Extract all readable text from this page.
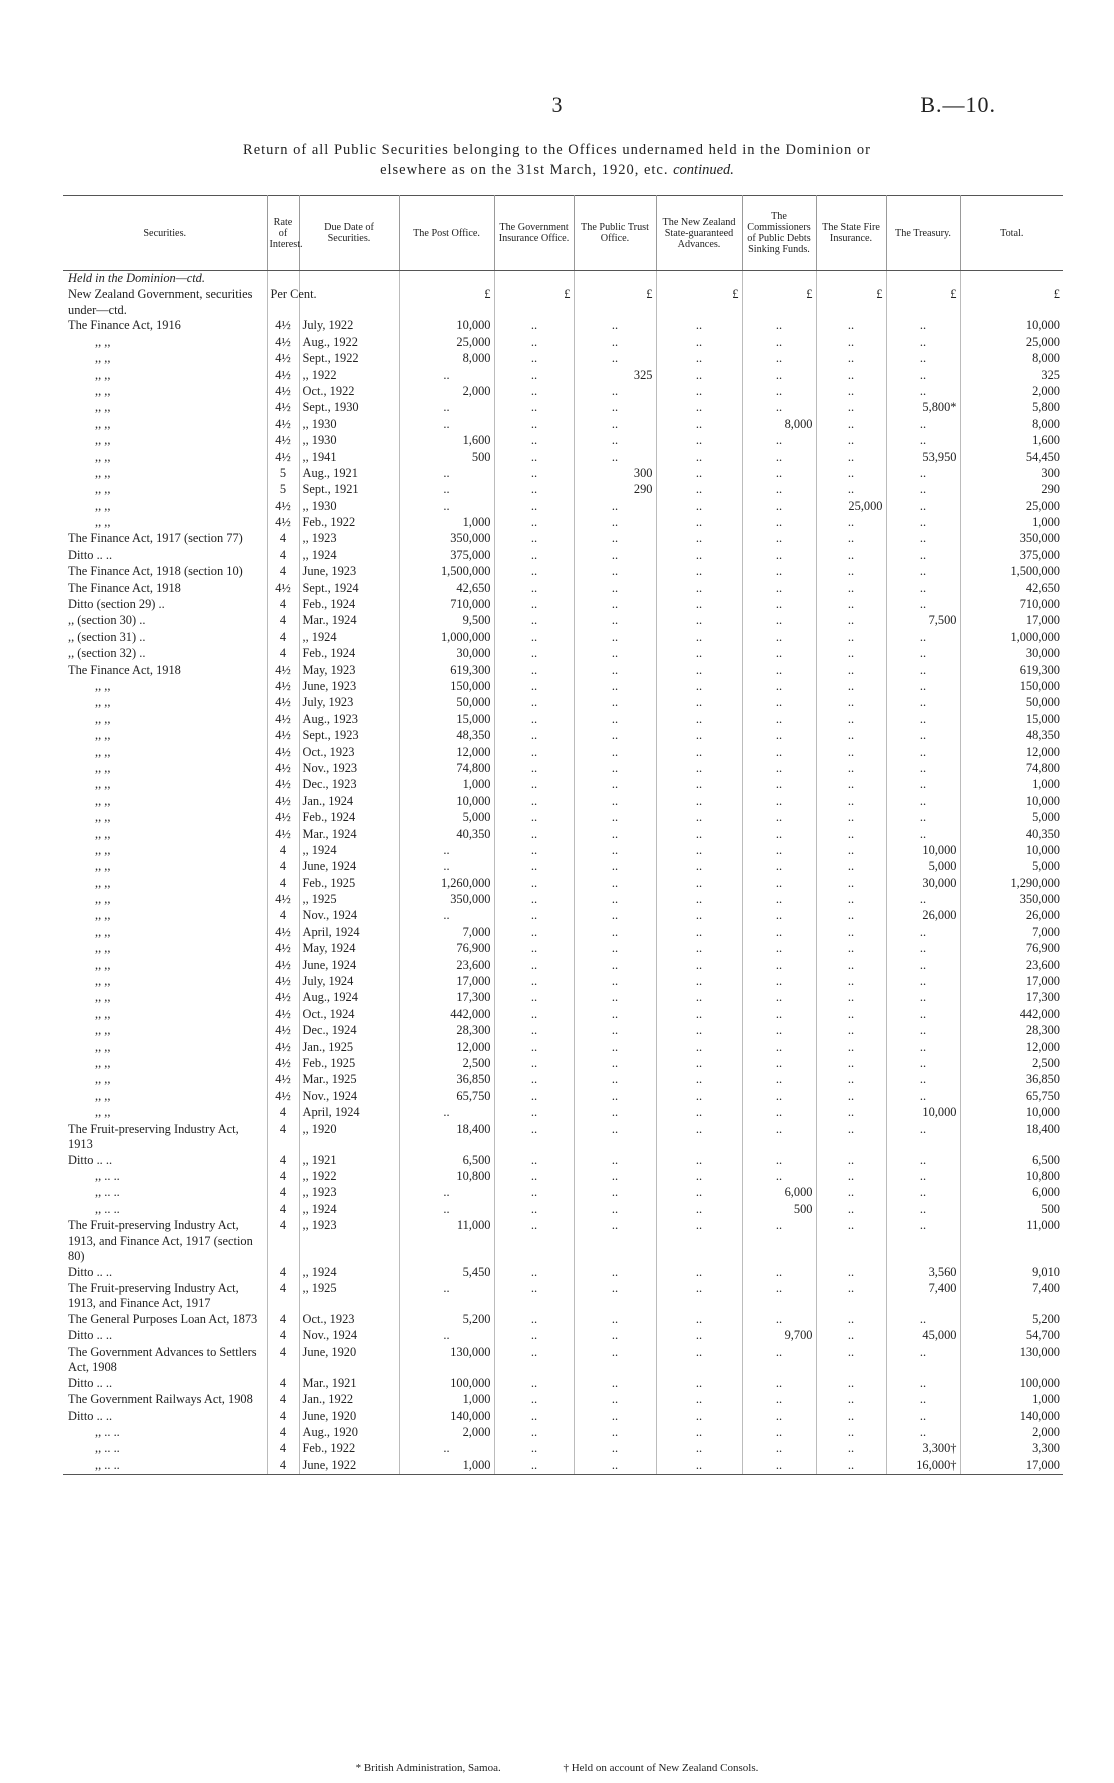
3	B.—10.
Return of all Public Securities belonging to the Offices undernamed held in the Dominion or
elsewhere as on the 31st March, 1920, etc. continued.
Securities.	Rate of Interest.	Due Date of Securities.	The Post Office.	The Government Insurance Office.	The Public Trust Office.	The New Zealand State-guaranteed Advances.	The Commissioners of Public Debts Sinking Funds.	The State Fire Insurance.	The Treasury.	Total.
Held in the Dominion—ctd.										
New Zealand Government, securities under—ctd.	Per Cent.		£	£	£	£	£	£	£	£
The Finance Act, 1916	4½	July, 1922	10,000	..	..	..	..	..	..	10,000
,, ,,	4½	Aug., 1922	25,000	..	..	..	..	..	..	25,000
,, ,,	4½	Sept., 1922	8,000	..	..	..	..	..	..	8,000
,, ,,	4½	,, 1922	..	..	325	..	..	..	..	325
,, ,,	4½	Oct., 1922	2,000	..	..	..	..	..	..	2,000
,, ,,	4½	Sept., 1930	..	..	..	..	..	..	5,800*	5,800
,, ,,	4½	,, 1930	..	..	..	..	8,000	..	..	8,000
,, ,,	4½	,, 1930	1,600	..	..	..	..	..	..	1,600
,, ,,	4½	,, 1941	500	..	..	..	..	..	53,950	54,450
,, ,,	5	Aug., 1921	..	..	300	..	..	..	..	300
,, ,,	5	Sept., 1921	..	..	290	..	..	..	..	290
,, ,,	4½	,, 1930	..	..	..	..	..	25,000	..	25,000
,, ,,	4½	Feb., 1922	1,000	..	..	..	..	..	..	1,000
The Finance Act, 1917 (section 77)	4	,, 1923	350,000	..	..	..	..	..	..	350,000
Ditto .. ..	4	,, 1924	375,000	..	..	..	..	..	..	375,000
The Finance Act, 1918 (section 10)	4	June, 1923	1,500,000	..	..	..	..	..	..	1,500,000
The Finance Act, 1918	4½	Sept., 1924	42,650	..	..	..	..	..	..	42,650
Ditto (section 29) ..	4	Feb., 1924	710,000	..	..	..	..	..	..	710,000
,, (section 30) ..	4	Mar., 1924	9,500	..	..	..	..	..	7,500	17,000
,, (section 31) ..	4	,, 1924	1,000,000	..	..	..	..	..	..	1,000,000
,, (section 32) ..	4	Feb., 1924	30,000	..	..	..	..	..	..	30,000
The Finance Act, 1918	4½	May, 1923	619,300	..	..	..	..	..	..	619,300
,, ,,	4½	June, 1923	150,000	..	..	..	..	..	..	150,000
,, ,,	4½	July, 1923	50,000	..	..	..	..	..	..	50,000
,, ,,	4½	Aug., 1923	15,000	..	..	..	..	..	..	15,000
,, ,,	4½	Sept., 1923	48,350	..	..	..	..	..	..	48,350
,, ,,	4½	Oct., 1923	12,000	..	..	..	..	..	..	12,000
,, ,,	4½	Nov., 1923	74,800	..	..	..	..	..	..	74,800
,, ,,	4½	Dec., 1923	1,000	..	..	..	..	..	..	1,000
,, ,,	4½	Jan., 1924	10,000	..	..	..	..	..	..	10,000
,, ,,	4½	Feb., 1924	5,000	..	..	..	..	..	..	5,000
,, ,,	4½	Mar., 1924	40,350	..	..	..	..	..	..	40,350
,, ,,	4	,, 1924	..	..	..	..	..	..	10,000	10,000
,, ,,	4	June, 1924	..	..	..	..	..	..	5,000	5,000
,, ,,	4	Feb., 1925	1,260,000	..	..	..	..	..	30,000	1,290,000
,, ,,	4½	,, 1925	350,000	..	..	..	..	..	..	350,000
,, ,,	4	Nov., 1924	..	..	..	..	..	..	26,000	26,000
,, ,,	4½	April, 1924	7,000	..	..	..	..	..	..	7,000
,, ,,	4½	May, 1924	76,900	..	..	..	..	..	..	76,900
,, ,,	4½	June, 1924	23,600	..	..	..	..	..	..	23,600
,, ,,	4½	July, 1924	17,000	..	..	..	..	..	..	17,000
,, ,,	4½	Aug., 1924	17,300	..	..	..	..	..	..	17,300
,, ,,	4½	Oct., 1924	442,000	..	..	..	..	..	..	442,000
,, ,,	4½	Dec., 1924	28,300	..	..	..	..	..	..	28,300
,, ,,	4½	Jan., 1925	12,000	..	..	..	..	..	..	12,000
,, ,,	4½	Feb., 1925	2,500	..	..	..	..	..	..	2,500
,, ,,	4½	Mar., 1925	36,850	..	..	..	..	..	..	36,850
,, ,,	4½	Nov., 1924	65,750	..	..	..	..	..	..	65,750
,, ,,	4	April, 1924	..	..	..	..	..	..	10,000	10,000
The Fruit-preserving Industry Act, 1913	4	,, 1920	18,400	..	..	..	..	..	..	18,400
Ditto .. ..	4	,, 1921	6,500	..	..	..	..	..	..	6,500
,, .. ..	4	,, 1922	10,800	..	..	..	..	..	..	10,800
,, .. ..	4	,, 1923	..	..	..	..	6,000	..	..	6,000
,, .. ..	4	,, 1924	..	..	..	..	500	..	..	500
The Fruit-preserving Industry Act, 1913, and Finance Act, 1917 (section 80)	4	,, 1923	11,000	..	..	..	..	..	..	11,000
Ditto .. ..	4	,, 1924	5,450	..	..	..	..	..	3,560	9,010
The Fruit-preserving Industry Act, 1913, and Finance Act, 1917	4	,, 1925	..	..	..	..	..	..	7,400	7,400
The General Purposes Loan Act, 1873	4	Oct., 1923	5,200	..	..	..	..	..	..	5,200
Ditto .. ..	4	Nov., 1924	..	..	..	..	9,700	..	45,000	54,700
The Government Advances to Settlers Act, 1908	4	June, 1920	130,000	..	..	..	..	..	..	130,000
Ditto .. ..	4	Mar., 1921	100,000	..	..	..	..	..	..	100,000
The Government Railways Act, 1908	4	Jan., 1922	1,000	..	..	..	..	..	..	1,000
Ditto .. ..	4	June, 1920	140,000	..	..	..	..	..	..	140,000
,, .. ..	4	Aug., 1920	2,000	..	..	..	..	..	..	2,000
,, .. ..	4	Feb., 1922	..	..	..	..	..	..	3,300†	3,300
,, .. ..	4	June, 1922	1,000	..	..	..	..	..	16,000†	17,000
* British Administration, Samoa.	† Held on account of New Zealand Consols.
